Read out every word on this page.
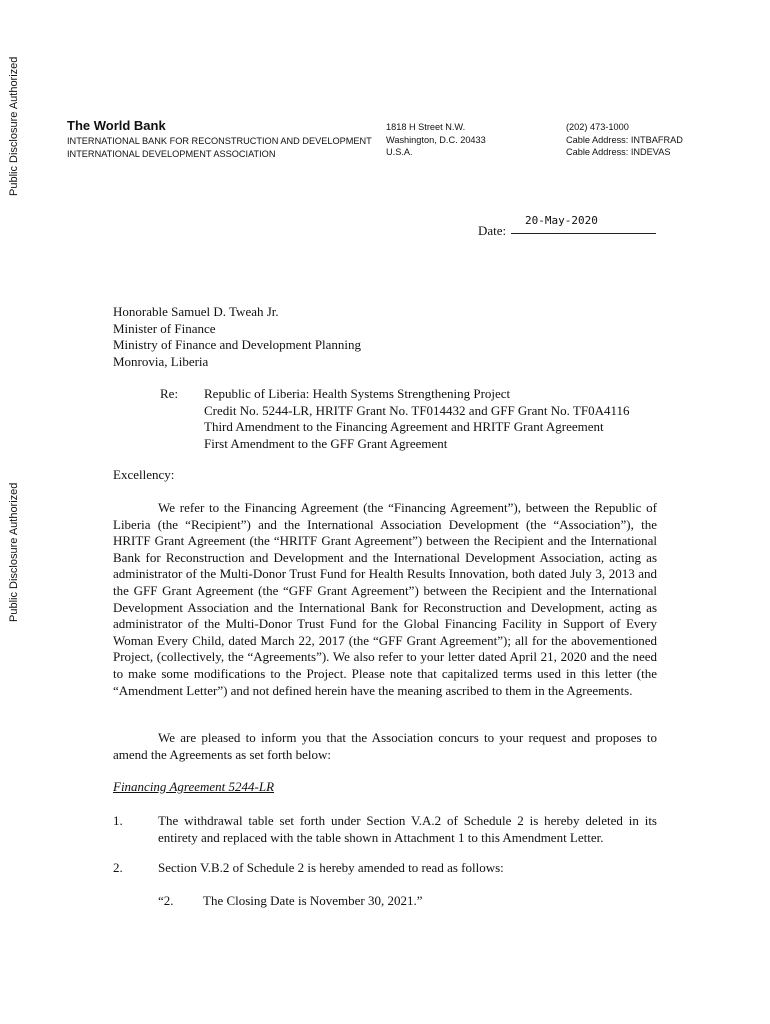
Public Disclosure Authorized
Public Disclosure Authorized
The World Bank
INTERNATIONAL BANK FOR RECONSTRUCTION AND DEVELOPMENT
INTERNATIONAL DEVELOPMENT ASSOCIATION
1818 H Street N.W.
Washington, D.C. 20433
U.S.A.
(202) 473-1000
Cable Address: INTBAFRAD
Cable Address: INDEVAS
Date:
20-May-2020
Honorable Samuel D. Tweah Jr.
Minister of Finance
Ministry of Finance and Development Planning
Monrovia, Liberia
Re: Republic of Liberia: Health Systems Strengthening Project
Credit No. 5244-LR, HRITF Grant No. TF014432 and GFF Grant No. TF0A4116
Third Amendment to the Financing Agreement and HRITF Grant Agreement
First Amendment to the GFF Grant Agreement
Excellency:
We refer to the Financing Agreement (the “Financing Agreement”), between the Republic of Liberia (the “Recipient”) and the International Association Development (the “Association”), the HRITF Grant Agreement (the “HRITF Grant Agreement”) between the Recipient and the International Bank for Reconstruction and Development and the International Development Association, acting as administrator of the Multi-Donor Trust Fund for Health Results Innovation, both dated July 3, 2013 and the GFF Grant Agreement (the “GFF Grant Agreement”) between the Recipient and the International Development Association and the International Bank for Reconstruction and Development, acting as administrator of the Multi-Donor Trust Fund for the Global Financing Facility in Support of Every Woman Every Child, dated March 22, 2017 (the “GFF Grant Agreement”); all for the abovementioned Project, (collectively, the “Agreements”). We also refer to your letter dated April 21, 2020 and the need to make some modifications to the Project. Please note that capitalized terms used in this letter (the “Amendment Letter”) and not defined herein have the meaning ascribed to them in the Agreements.
We are pleased to inform you that the Association concurs to your request and proposes to amend the Agreements as set forth below:
Financing Agreement 5244-LR
1.	The withdrawal table set forth under Section V.A.2 of Schedule 2 is hereby deleted in its entirety and replaced with the table shown in Attachment 1 to this Amendment Letter.
2.	Section V.B.2 of Schedule 2 is hereby amended to read as follows:
“2. The Closing Date is November 30, 2021.”
